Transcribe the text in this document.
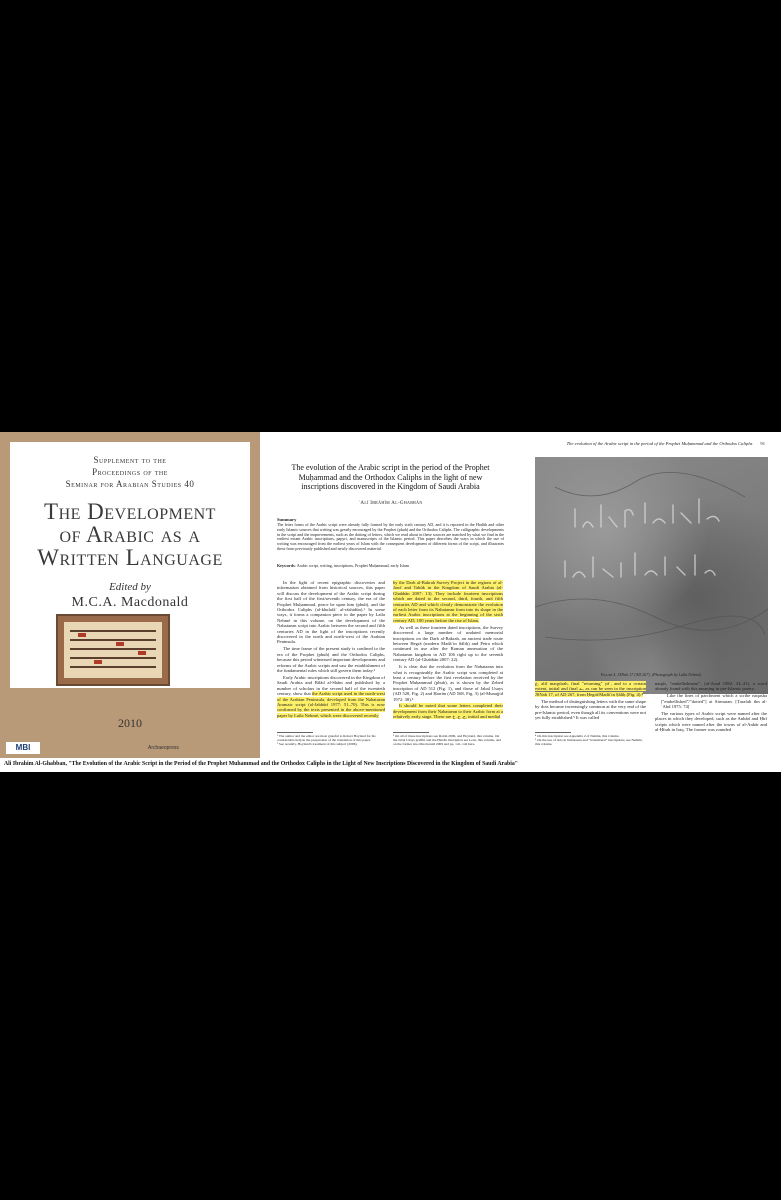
Supplement to the
Proceedings of the
Seminar for Arabian Studies 40
The Development
of Arabic as a
Written Language
Edited by
M.C.A. Macdonald
2010
MBI	Archaeopress
The evolution of the Arabic script in the period of the Prophet Muḥammad and the Orthodox Caliphs in the light of new inscriptions discovered in the Kingdom of Saudi Arabia
ʿAlī Ibrāhīm Al-Ghabbān
Summary
The letter forms of the Arabic script were already fully formed by the early sixth century AD, and it is reported in the Hadith and other early Islamic sources that writing was greatly encouraged by the Prophet (pbuh) and the Orthodox Caliphs. The calligraphic developments in the script and the improvements, such as the dotting of letters, which we read about in these sources are matched by what we find in the earliest extant Arabic inscriptions, papyri, and manuscripts of the Islamic period. This paper describes the ways in which the use of writing was encouraged from the earliest years of Islam with the consequent development of different forms of the script, and illustrates these from previously published and newly discovered material.
Keywords: Arabic script, writing, inscriptions, Prophet Muḥammad, early Islam

In the light of recent epigraphic discoveries and information obtained from historical sources, this paper will discuss the development of the Arabic script during the first half of the first/seventh century, the era of the Prophet Muḥammad, peace be upon him (pbuh), and the Orthodox Caliphs (al-khulafāʾ al-rāshidūn).¹ In some ways, it forms a companion piece to the paper by Laïla Nehmé in this volume, on the development of the Nabataean script into Arabic between the second and fifth centuries AD in the light of the inscriptions recently discovered in the north and north-west of the Arabian Peninsula.

The time frame of the present study is confined to the era of the Prophet (pbuh) and the Orthodox Caliphs, because this period witnessed important developments and reforms of the Arabic scripts and saw the establishment of the fundamental rules which still govern them today.²

Early Arabic inscriptions discovered in the Kingdom of Saudi Arabia and Bilād al-Shām and published by a number of scholars in the second half of the twentieth century, show that the Arabic script used in the north-west of the Arabian Peninsula, developed from the Nabataean Aramaic script (al-Jabbūrī 1977: 51–70). This is now confirmed by the texts presented in the above-mentioned paper by Laïla Nehmé, which were discovered recently

by the Darb al-Bakrah Survey Project in the regions of al-Jawf and Tabūk in the Kingdom of Saudi Arabia (al-Ghabbān 2007: 13). They include fourteen inscriptions which are dated to the second, third, fourth, and fifth centuries AD and which clearly demonstrate the evolution of each letter from its Nabataean form into its shape in the earliest Arabic inscriptions at the beginning of the sixth century AD, 100 years before the rise of Islam.

As well as these fourteen dated inscriptions, the Survey discovered a large number of undated memorial inscriptions on the Darb al-Bakrah, an ancient trade route between Ḥegrā (modern Madāʾin Ṣāliḥ) and Petra which continued in use after the Roman annexation of the Nabataean kingdom in AD 106 right up to the seventh century AD (al-Ghabbān 2007: 22).

It is clear that the evolution from the Nabataean into what is recognizably the Arabic script was completed at least a century before the first revelation received by the Prophet Muḥammad (pbuh), as is shown by the Zebed inscription of AD 512 (Fig. 1), and those of Jabal Usays (AD 528, Fig. 2) and Ḥarrān (AD 568, Fig. 3) (al-Munajjid 1972: 38).³

It should be noted that some letters completed their development from their Nabataean to their Arabic form at a relatively early stage. These are ﺝ, ﺡ, ﺥ, initial and medial

¹ The author and the editor are most grateful to Robert Hoyland for his considerable help in the preparation of the translation of this paper.
² See recently, Hoyland's treatment of this subject (2006).
³ On all of these inscriptions see Robin 2006, and Hoyland, this volume. On the Jabal Usays graffiti and the Ḥarrān inscription see Lenz, this volume, and on the former also Macdonald 2009 and pp. 141–142 here.
The evolution of the Arabic script in the period of the Prophet Muḥammad and the Orthodox Caliphs 91
Figure 4. JSNab 17 (AD 267). (Photograph by Laïla Nehmé).

ﻉ, alif maqṣūrah, final "returning" yāʾ, and to a certain extent, initial and final ـه, as can be seen in the inscription JSNab 17, of AD 267, from Ḥegrā/Madāʾin Ṣāliḥ (Fig. 4).⁴

The method of distinguishing letters with the same shape by dots became increasingly common at the very end of the pre-Islamic period, even though all its conventions were not yet fully established.⁵ It was called

naqsh, "embellishment", (al-Asad 1982: 34–41), a word already found with this meaning in pre-Islamic poetry.

Like the lines of parchment which a scribe naqasha ["embellished"/"dotted"] at Sirmaran. [Ṭarafah ibn al-ʿAbd 1975: 74]

The various types of Arabic script were named after the places in which they developed, such as the Anbārī and Ḥīrī scripts which were named after the towns of al-Anbār and al-Ḥīrah in Iraq. The former was rounded

⁴ On this inscription see Appendix 2 of Nehmé, this volume.
⁵ On the use of dots in Nabataean and "transitional" inscriptions, see Nehmé, this volume.
Ali Ibrahim Al-Ghabban, "The Evolution of the Arabic Script in the Period of the Prophet Muhammad and the Orthodox Caliphs in the Light of New Inscriptions Discovered in the Kingdom of Saudi Arabia"
